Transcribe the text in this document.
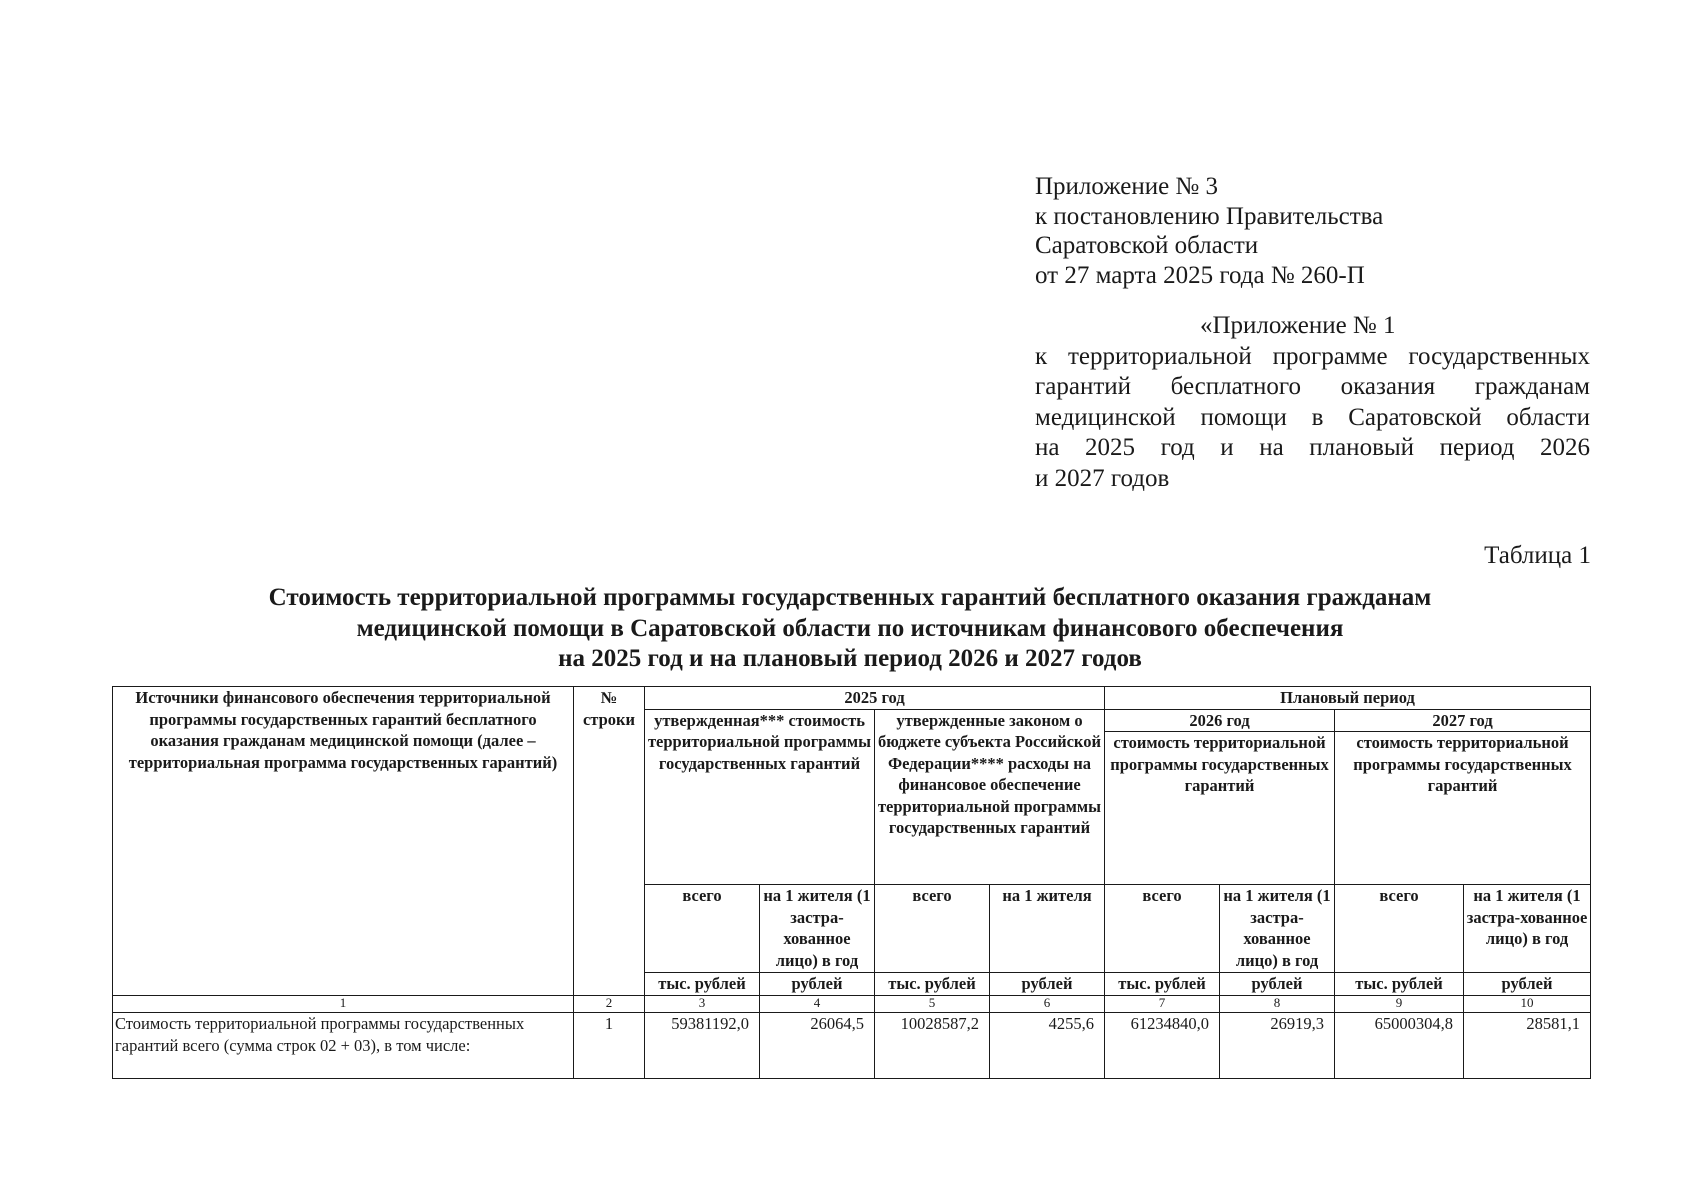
Приложение № 3
к постановлению Правительства
Саратовской области
от 27 марта 2025 года № 260-П
«Приложение № 1
к территориальной программе государственных
гарантий бесплатного оказания гражданам
медицинской помощи в Саратовской области
на 2025 год и на плановый период 2026
и 2027 годов
Таблица 1
Стоимость территориальной программы государственных гарантий бесплатного оказания гражданам
медицинской помощи в Саратовской области по источникам финансового обеспечения
на 2025 год и на плановый период 2026 и 2027 годов
Источники финансового обеспечения территориальной программы государственных гарантий бесплатного оказания гражданам медицинской помощи (далее – территориальная программа государственных гарантий)	№ строки	2025 год				Плановый период			
		утвержденная*** стоимость территориальной программы государственных гарантий		утвержденные законом о бюджете субъекта Российской Федерации**** расходы на финансовое обеспечение территориальной программы государственных гарантий		2026 год		2027 год	
						стоимость территориальной программы государственных гарантий		стоимость территориальной программы государственных гарантий	

		всего	на 1 жителя (1 застра-хованное лицо) в год	всего	на 1 жителя	всего	на 1 жителя (1 застра-хованное лицо) в год	всего	на 1 жителя (1 застра-хованное лицо) в год
		тыс. рублей	рублей	тыс. рублей	рублей	тыс. рублей	рублей	тыс. рублей	рублей
1	2	3	4	5	6	7	8	9	10
Стоимость территориальной программы государственных гарантий всего (сумма строк 02 + 03), в том числе:	1	59381192,0	26064,5	10028587,2	4255,6	61234840,0	26919,3	65000304,8	28581,1
